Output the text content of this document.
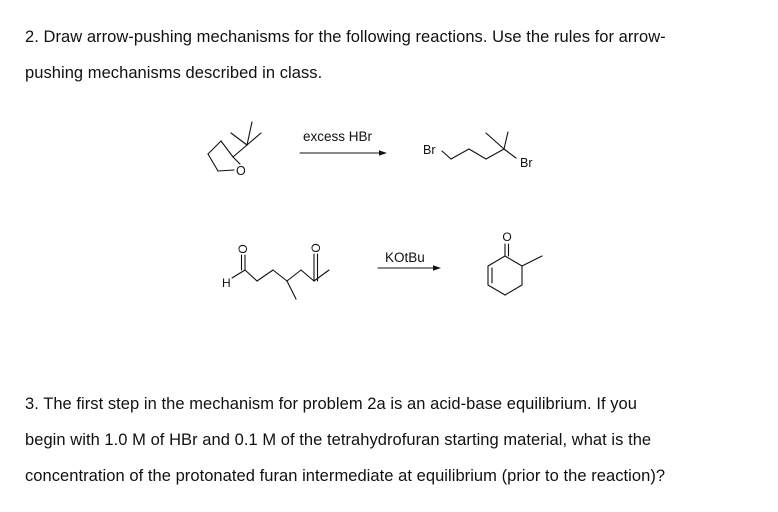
2. Draw arrow-pushing mechanisms for the following reactions. Use the rules for arrow-
pushing mechanisms described in class.

excess HBr
O
Br
Br
KOtBu
H
O	O
O

3. The first step in the mechanism for problem 2a is an acid-base equilibrium. If you
begin with 1.0 M of HBr and 0.1 M of the tetrahydrofuran starting material, what is the
concentration of the protonated furan intermediate at equilibrium (prior to the reaction)?
